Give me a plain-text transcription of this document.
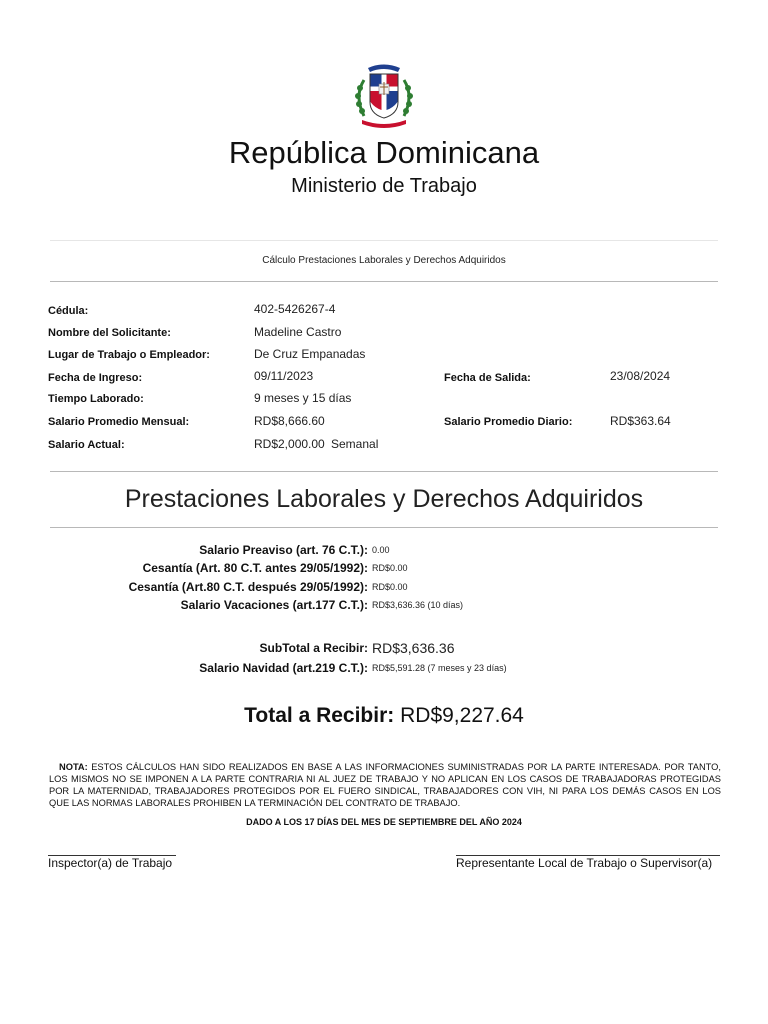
República Dominicana
Ministerio de Trabajo
Cálculo Prestaciones Laborales y Derechos Adquiridos
Cédula:	402-5426267-4
Nombre del Solicitante:	Madeline Castro
Lugar de Trabajo o Empleador:	De Cruz Empanadas
Fecha de Ingreso:	09/11/2023	Fecha de Salida:	23/08/2024
Tiempo Laborado:	9 meses y 15 días
Salario Promedio Mensual:	RD$8,666.60	Salario Promedio Diario:	RD$363.64
Salario Actual:	RD$2,000.00 Semanal
Prestaciones Laborales y Derechos Adquiridos
Salario Preaviso (art. 76 C.T.): 0.00
Cesantía (Art. 80 C.T. antes 29/05/1992): RD$0.00
Cesantía (Art.80 C.T. después 29/05/1992): RD$0.00
Salario Vacaciones (art.177 C.T.): RD$3,636.36 (10 días)
SubTotal a Recibir: RD$3,636.36
Salario Navidad (art.219 C.T.): RD$5,591.28 (7 meses y 23 días)
Total a Recibir: RD$9,227.64
NOTA: ESTOS CÁLCULOS HAN SIDO REALIZADOS EN BASE A LAS INFORMACIONES SUMINISTRADAS POR LA PARTE INTERESADA. POR TANTO, LOS MISMOS NO SE IMPONEN A LA PARTE CONTRARIA NI AL JUEZ DE TRABAJO Y NO APLICAN EN LOS CASOS DE TRABAJADORAS PROTEGIDAS POR LA MATERNIDAD, TRABAJADORES PROTEGIDOS POR EL FUERO SINDICAL, TRABAJADORES CON VIH, NI PARA LOS DEMÁS CASOS EN LOS QUE LAS NORMAS LABORALES PROHIBEN LA TERMINACIÓN DEL CONTRATO DE TRABAJO.
DADO A LOS 17 DÍAS DEL MES DE SEPTIEMBRE DEL AÑO 2024
Inspector(a) de Trabajo	Representante Local de Trabajo o Supervisor(a)
